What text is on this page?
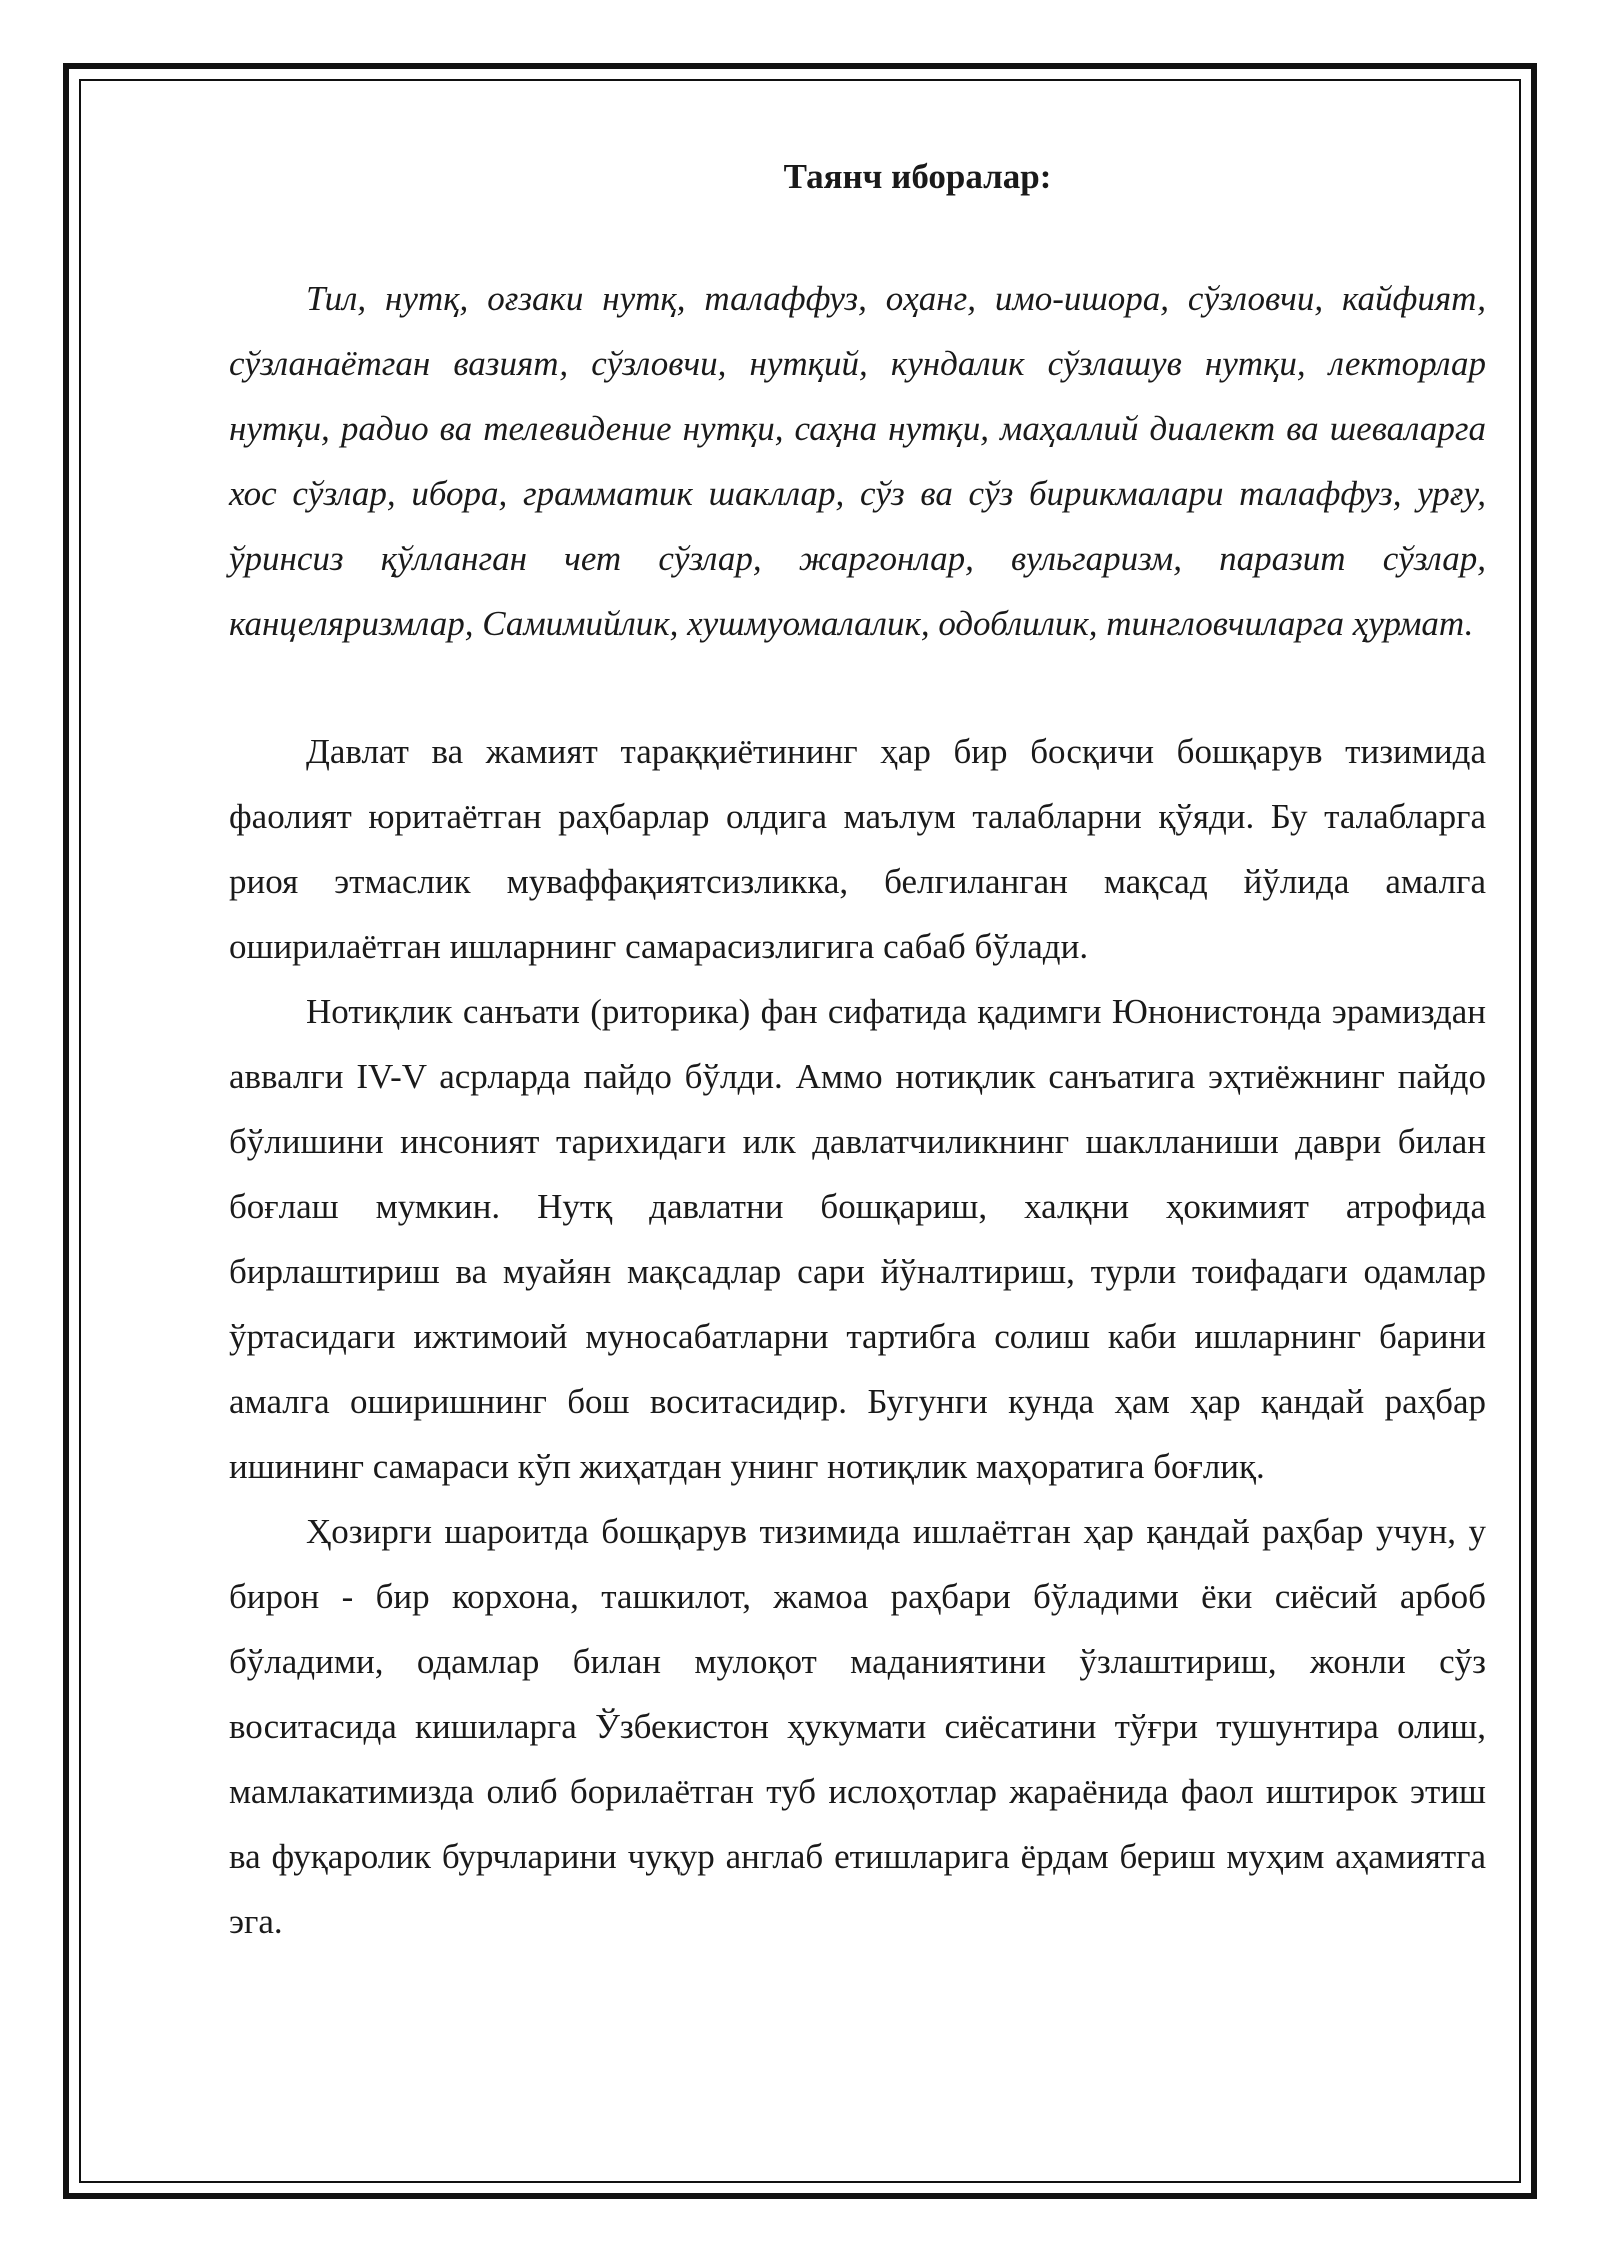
Таянч иборалар:

Тил, нутқ, оғзаки нутқ, талаффуз, оҳанг, имо-ишора, сўзловчи, кайфият, сўзланаётган вазият, сўзловчи, нутқий, кундалик сўзлашув нутқи, лекторлар нутқи, радио ва телевидение нутқи, саҳна нутқи, маҳаллий диалект ва шеваларга хос сўзлар, ибора, грамматик шакллар, сўз ва сўз бирикмалари талаффуз, урғу, ўринсиз қўлланган чет сўзлар, жаргонлар, вульгаризм, паразит сўзлар, канцеляризмлар, Самимийлик, хушмуомалалик, одоблилик, тингловчиларга ҳурмат.

Давлат ва жамият тараққиётининг ҳар бир босқичи бошқарув тизимида фаолият юритаётган раҳбарлар олдига маълум талабларни қўяди. Бу талабларга риоя этмаслик муваффақиятсизликка, белгиланган мақсад йўлида амалга оширилаётган ишларнинг самарасизлигига сабаб бўлади.

Нотиқлик санъати (риторика) фан сифатида қадимги Юнонистонда эрамиздан аввалги IV-V асрларда пайдо бўлди. Аммо нотиқлик санъатига эҳтиёжнинг пайдо бўлишини инсоният тарихидаги илк давлатчиликнинг шаклланиши даври билан боғлаш мумкин. Нутқ давлатни бошқариш, халқни ҳокимият атрофида бирлаштириш ва муайян мақсадлар сари йўналтириш, турли тоифадаги одамлар ўртасидаги ижтимоий муносабатларни тартибга солиш каби ишларнинг барини амалга оширишнинг бош воситасидир. Бугунги кунда ҳам ҳар қандай раҳбар ишининг самараси кўп жиҳатдан унинг нотиқлик маҳоратига боғлиқ.

Ҳозирги шароитда бошқарув тизимида ишлаётган ҳар қандай раҳбар учун, у бирон - бир корхона, ташкилот, жамоа раҳбари бўладими ёки сиёсий арбоб бўладими, одамлар билан мулоқот маданиятини ўзлаштириш, жонли сўз воситасида кишиларга Ўзбекистон ҳукумати сиёсатини тўғри тушунтира олиш, мамлакатимизда олиб борилаётган туб ислоҳотлар жараёнида фаол иштирок этиш ва фуқаролик бурчларини чуқур англаб етишларига ёрдам бериш муҳим аҳамиятга эга.
